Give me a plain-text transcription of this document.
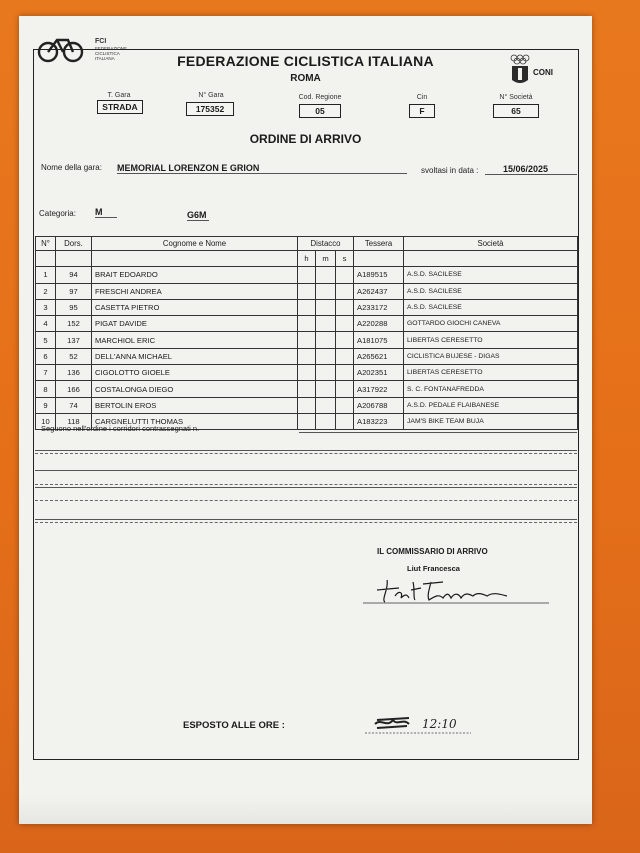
FCI
FEDERAZIONE
CICLISTICA
ITALIANA	FEDERAZIONE CICLISTICA ITALIANA
ROMA
CONI
T. Gara
STRADA
N° Gara
175352
Cod. Regione
05
Cin
F
N° Società
65
ORDINE DI ARRIVO
Nome della gara: MEMORIAL LORENZON E GRION	svoltasi in data :	15/06/2025
Categoria: M	G6M
N°	Dors.	Cognome e Nome	Distacco			Tessera	Società
			h	m	s		
1	94	BRAIT EDOARDO				A189515	A.S.D. SACILESE
2	97	FRESCHI ANDREA				A262437	A.S.D. SACILESE
3	95	CASETTA PIETRO				A233172	A.S.D. SACILESE
4	152	PIGAT DAVIDE				A220288	GOTTARDO GIOCHI CANEVA
5	137	MARCHIOL ERIC				A181075	LIBERTAS CERESETTO
6	52	DELL'ANNA MICHAEL				A265621	CICLISTICA BUJESE - DIGAS
7	136	CIGOLOTTO GIOELE				A202351	LIBERTAS CERESETTO
8	166	COSTALONGA DIEGO				A317922	S. C. FONTANAFREDDA
9	74	BERTOLIN EROS				A206788	A.S.D. PEDALE FLAIBANESE
10	118	CARGNELUTTI THOMAS				A183223	JAM'S BIKE TEAM BUJA
Seguono nell'ordine i corridori contrassegnati n.
IL COMMISSARIO DI ARRIVO
Liut Francesca
ESPOSTO ALLE ORE :	12:10
